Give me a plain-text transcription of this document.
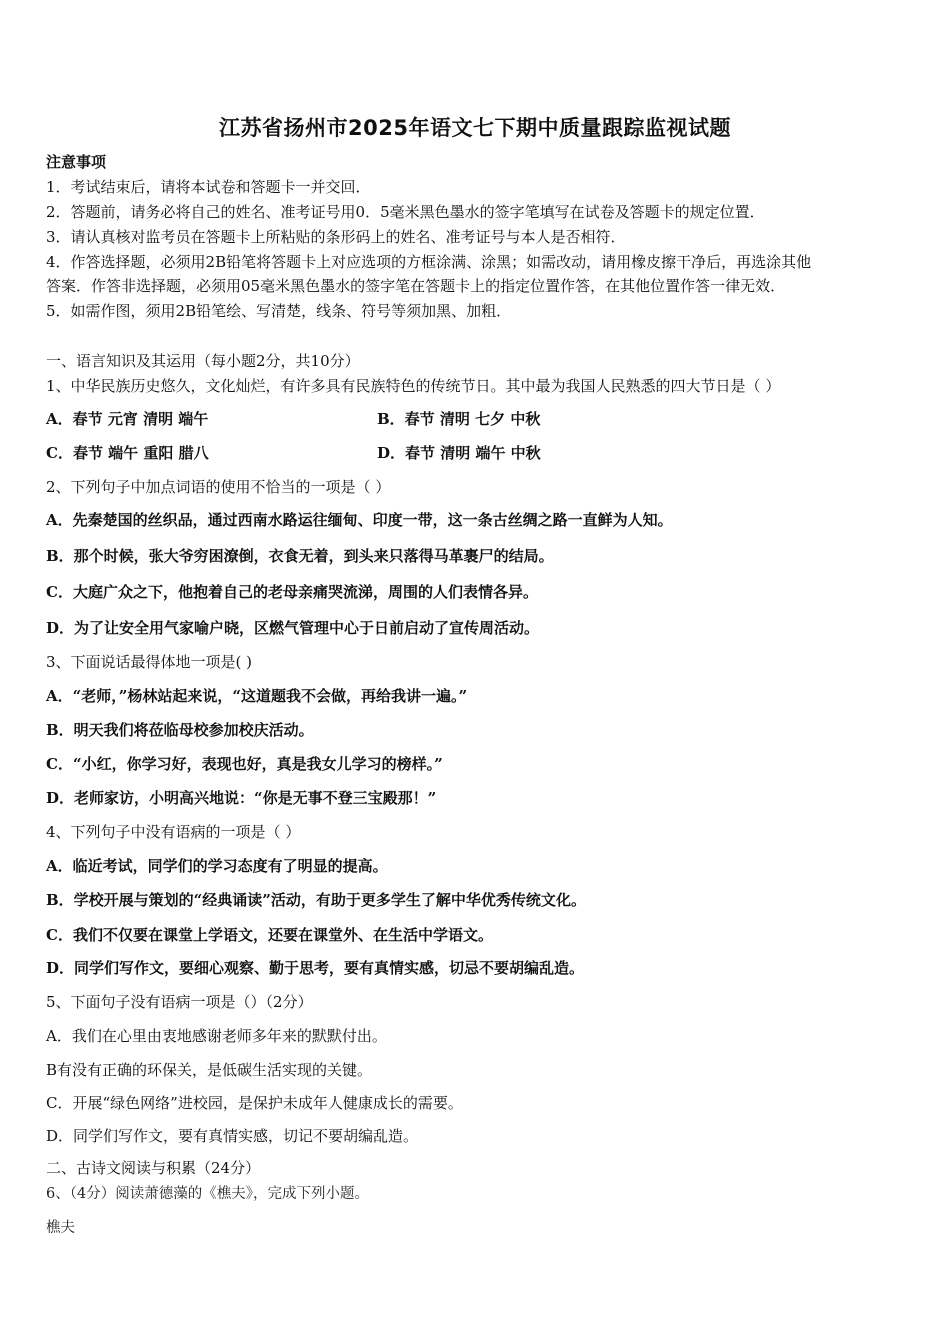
江苏省扬州市2025年语文七下期中质量跟踪监视试题
注意事项
1．考试结束后，请将本试卷和答题卡一并交回．
2．答题前，请务必将自己的姓名、准考证号用0．5毫米黑色墨水的签字笔填写在试卷及答题卡的规定位置．
3．请认真核对监考员在答题卡上所粘贴的条形码上的姓名、准考证号与本人是否相符．
4．作答选择题，必须用2B铅笔将答题卡上对应选项的方框涂满、涂黑；如需改动，请用橡皮擦干净后，再选涂其他
答案．作答非选择题，必须用05毫米黑色墨水的签字笔在答题卡上的指定位置作答，在其他位置作答一律无效．
5．如需作图，须用2B铅笔绘、写清楚，线条、符号等须加黑、加粗．
一、语言知识及其运用（每小题2分，共10分）
1、中华民族历史悠久，文化灿烂，有许多具有民族特色的传统节日。其中最为我国人民熟悉的四大节日是（ ）
A．春节 元宵 清明 端午	B．春节 清明 七夕 中秋
C．春节 端午 重阳 腊八	D．春节 清明 端午 中秋
2、下列句子中加点词语的使用不恰当的一项是（ ）
A．先秦楚国的丝织品，通过西南水路运往缅甸、印度一带，这一条古丝绸之路一直鲜为人知。
B．那个时候，张大爷穷困潦倒，衣食无着，到头来只落得马革裹尸的结局。
C．大庭广众之下，他抱着自己的老母亲痛哭流涕，周围的人们表情各异。
D．为了让安全用气家喻户晓，区燃气管理中心于日前启动了宣传周活动。
3、下面说话最得体地一项是( )
A．“老师，”杨林站起来说，“这道题我不会做，再给我讲一遍。”
B．明天我们将莅临母校参加校庆活动。
C．“小红，你学习好，表现也好，真是我女儿学习的榜样。”
D．老师家访，小明高兴地说：“你是无事不登三宝殿那！”
4、下列句子中没有语病的一项是（ ）
A．临近考试，同学们的学习态度有了明显的提高。
B．学校开展与策划的“经典诵读”活动，有助于更多学生了解中华优秀传统文化。
C．我们不仅要在课堂上学语文，还要在课堂外、在生活中学语文。
D．同学们写作文，要细心观察、勤于思考，要有真情实感，切忌不要胡编乱造。
5、下面句子没有语病一项是（）（2分）
A．我们在心里由衷地感谢老师多年来的默默付出。
B有没有正确的环保关，是低碳生活实现的关键。
C．开展“绿色网络”进校园，是保护未成年人健康成长的需要。
D．同学们写作文，要有真情实感，切记不要胡编乱造。
二、古诗文阅读与积累（24分）
6、（4分）阅读萧德藻的《樵夫》，完成下列小题。
樵夫
